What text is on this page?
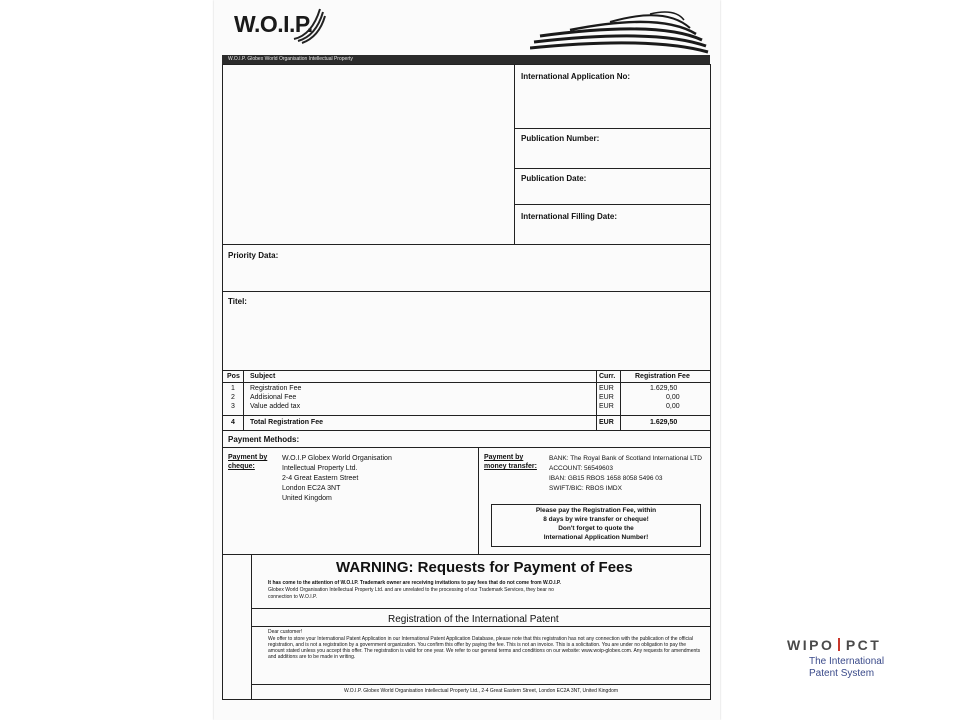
W.O.I.P.
W.O.I.P. Globex World Organisation Intellectual Property
International Application No:
Publication Number:
Publication Date:
International Filling Date:
Priority Data:
Titel:
Pos Subject	Curr.	Registration Fee
1 Registration Fee	EUR	1.629,50
2 Addisional Fee	EUR	0,00
3 Value added tax	EUR	0,00
4 Total Registration Fee	EUR	1.629,50
Payment Methods:
Payment by
cheque:
W.O.I.P Globex World Organisation
Intellectual Property Ltd.
2-4 Great Eastern Street
London EC2A 3NT
United Kingdom
Payment by
money transfer:
BANK: The Royal Bank of Scotland International LTD
ACCOUNT: 56549603
IBAN: GB15 RBOS 1658 8058 5496 03
SWIFT/BIC: RBOS IMDX
Please pay the Registration Fee, within
8 days by wire transfer or cheque!
Don't forget to quote the
International Application Number!
WARNING: Requests for Payment of Fees
It has come to the attention of W.O.I.P. Trademark owner are receiving invitations to pay fees that do not come from W.O.I.P.
Globex World Organisation Intellectual Property Ltd. and are unrelated to the processing of our Trademark Services, they bear no
connection to W.O.I.P.
Registration of the International Patent
Dear customer!
We offer to store your International Patent Application in our International Patent Application Database, please note that this registration has not any connection with the publication of the official registration, and is not a registration by a government organization. You confirm this offer by paying the fee. This is not an invoice. This is a solicitation. You are under no obligation to pay the amount stated unless you accept this offer. The registration is valid for one year. We refer to our general terms and conditions on our website: www.woip-globex.com. Any requests for amendments and additions are to be made in writing.
W.O.I.P. Globex World Organisation Intellectual Property Ltd., 2-4 Great Eastern Street, London EC2A 3NT, United Kingdom
WIPO PCT
The International
Patent System
